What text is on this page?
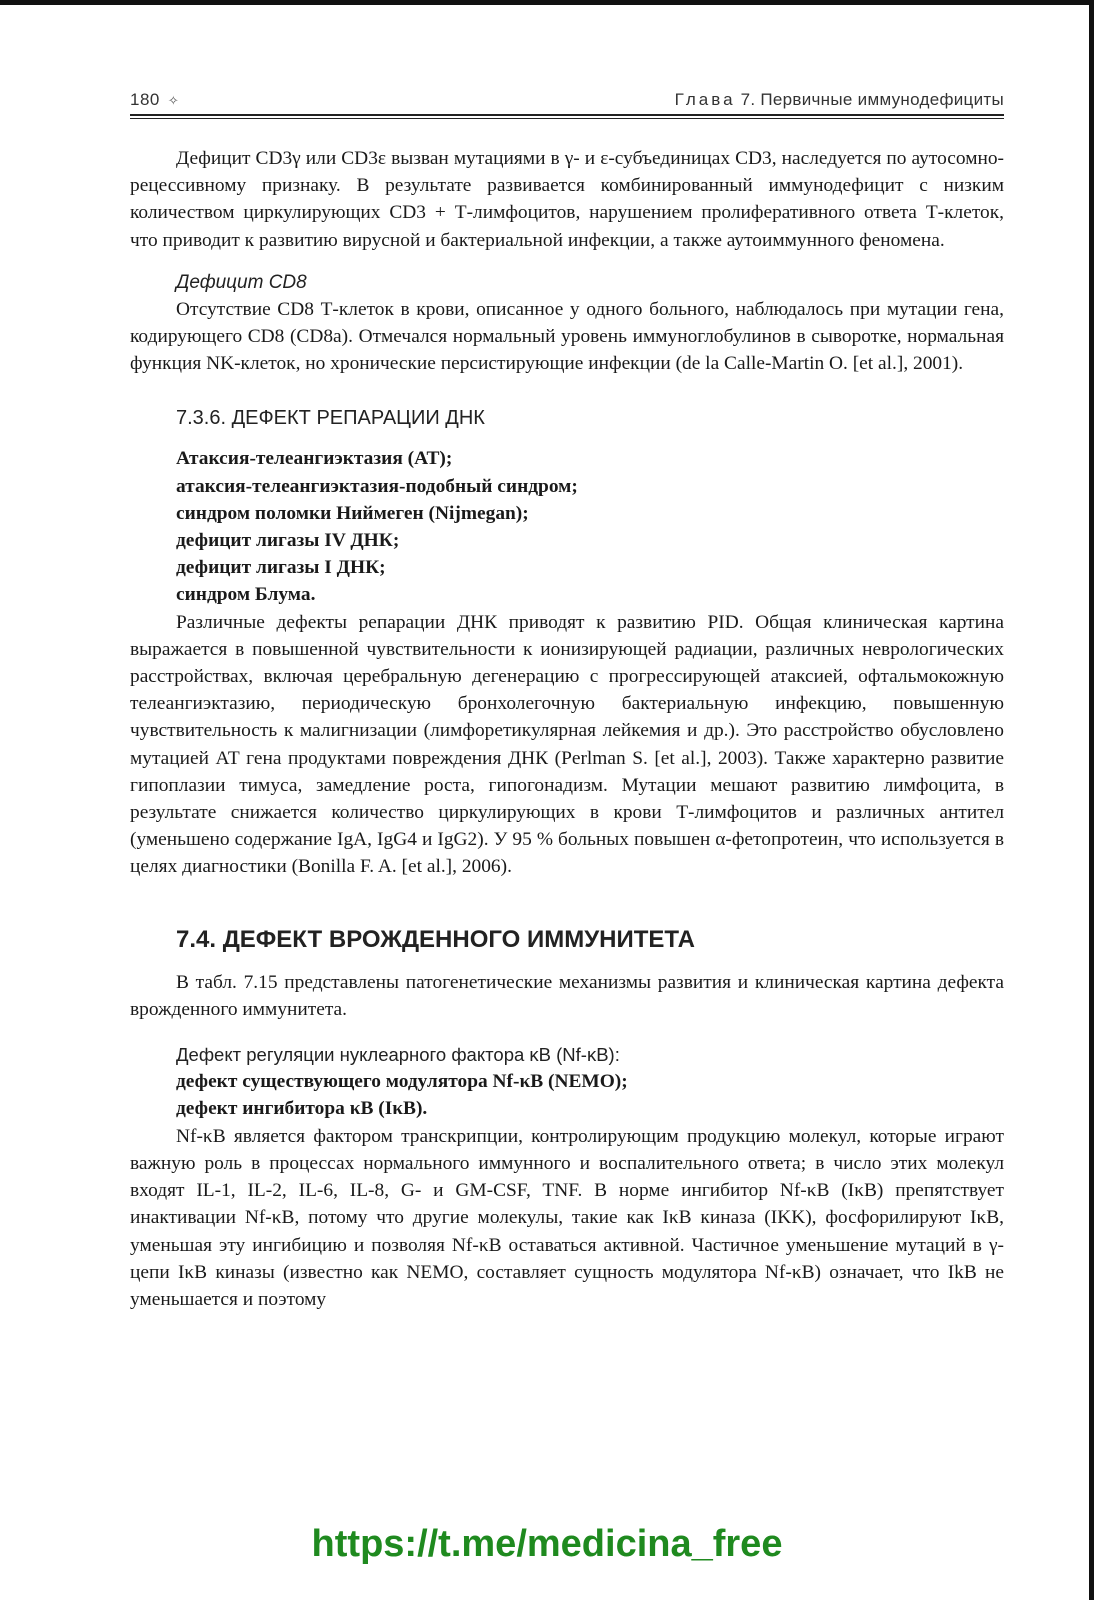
180 ✧	Глава 7. Первичные иммунодефициты

Дефицит CD3γ или CD3ε вызван мутациями в γ- и ε-субъединицах CD3, наследуется по аутосомно-рецессивному признаку. В результате развивается комбинированный иммунодефицит с низким количеством циркулирующих CD3 + Т-лимфоцитов, нарушением пролиферативного ответа Т-клеток, что приводит к развитию вирусной и бактериальной инфекции, а также аутоиммунного феномена.

Дефицит CD8

Отсутствие CD8 Т-клеток в крови, описанное у одного больного, наблюдалось при мутации гена, кодирующего CD8 (CD8a). Отмечался нормальный уровень иммуноглобулинов в сыворотке, нормальная функция NK-клеток, но хронические персистирующие инфекции (de la Calle-Martin O. [et al.], 2001).

7.3.6. ДЕФЕКТ РЕПАРАЦИИ ДНК
Атаксия-телеангиэктазия (АТ);
атаксия-телеангиэктазия-подобный синдром;
синдром поломки Ниймеген (Nijmegan);
дефицит лигазы IV ДНК;
дефицит лигазы I ДНК;
синдром Блума.

Различные дефекты репарации ДНК приводят к развитию PID. Общая клиническая картина выражается в повышенной чувствительности к ионизирующей радиации, различных неврологических расстройствах, включая церебральную дегенерацию с прогрессирующей атаксией, офтальмокожную телеангиэктазию, периодическую бронхолегочную бактериальную инфекцию, повышенную чувствительность к малигнизации (лимфоретикулярная лейкемия и др.). Это расстройство обусловлено мутацией АТ гена продуктами повреждения ДНК (Perlman S. [et al.], 2003). Также характерно развитие гипоплазии тимуса, замедление роста, гипогонадизм. Мутации мешают развитию лимфоцита, в результате снижается количество циркулирующих в крови Т-лимфоцитов и различных антител (уменьшено содержание IgA, IgG4 и IgG2). У 95 % больных повышен α-фетопротеин, что используется в целях диагностики (Bonilla F. A. [et al.], 2006).

7.4. ДЕФЕКТ ВРОЖДЕННОГО ИММУНИТЕТА

В табл. 7.15 представлены патогенетические механизмы развития и клиническая картина дефекта врожденного иммунитета.

Дефект регуляции нуклеарного фактора κB (Nf-κB):
дефект существующего модулятора Nf-κB (NEMO);
дефект ингибитора κB (IκB).

Nf-κB является фактором транскрипции, контролирующим продукцию молекул, которые играют важную роль в процессах нормального иммунного и воспалительного ответа; в число этих молекул входят IL-1, IL-2, IL-6, IL-8, G- и GM-CSF, TNF. В норме ингибитор Nf-κB (IκB) препятствует инактивации Nf-κB, потому что другие молекулы, такие как IκB киназа (IKK), фосфорилируют IκB, уменьшая эту ингибицию и позволяя Nf-κB оставаться активной. Частичное уменьшение мутаций в γ-цепи IκB киназы (известно как NEMO, составляет сущность модулятора Nf-κB) означает, что IkB не уменьшается и поэтому

https://t.me/medicina_free
